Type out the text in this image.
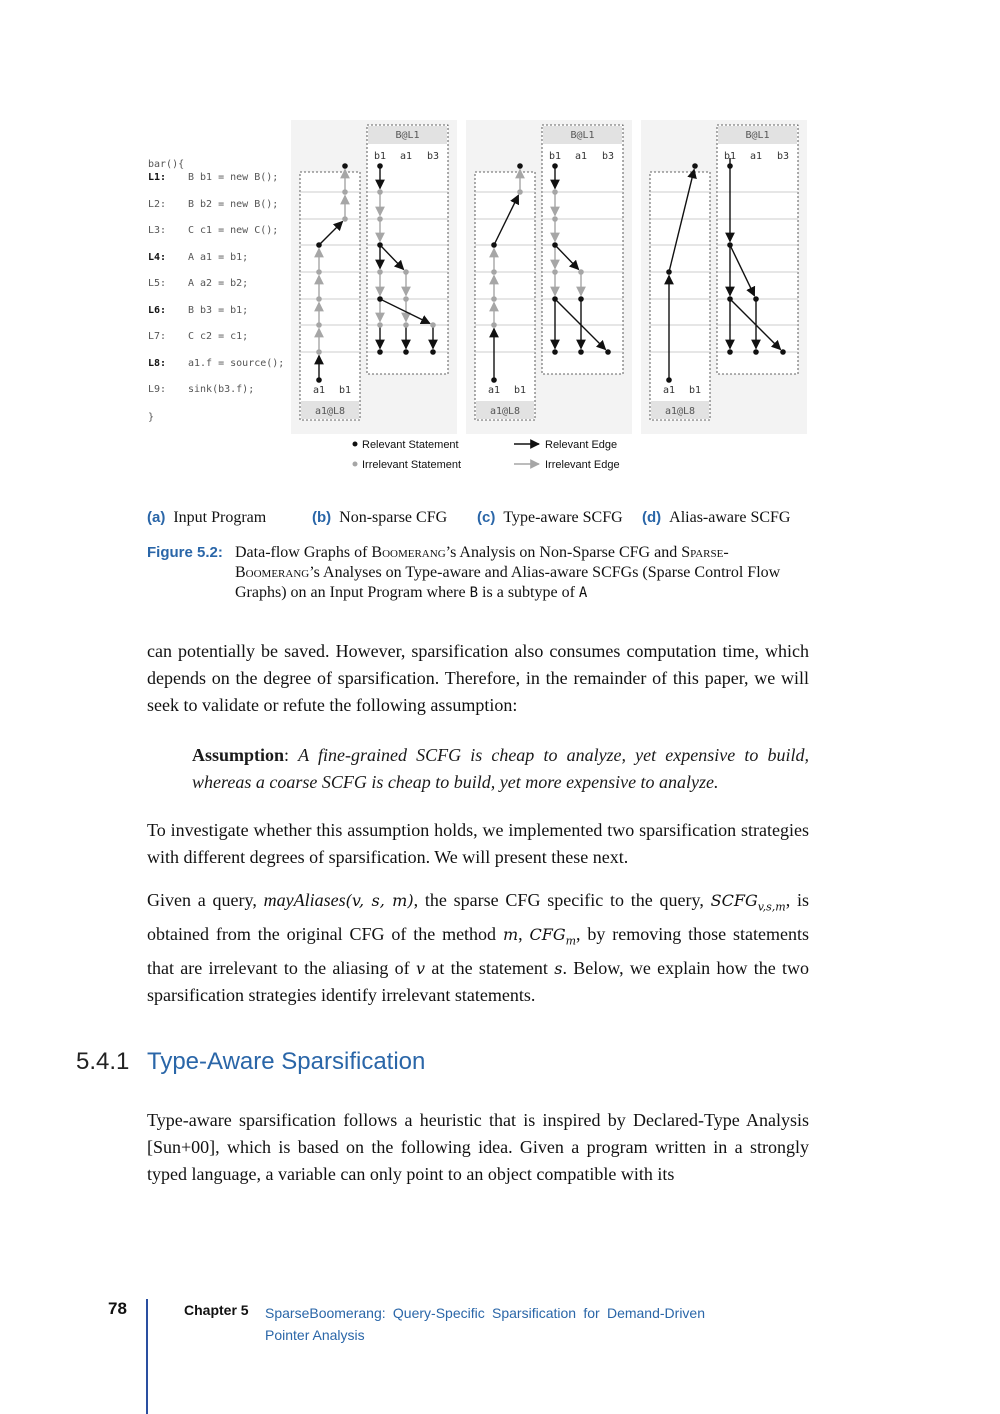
bar(){
L1: B b1 = new B();
L2: B b2 = new B();
L3: C c1 = new C();
L4: A a1 = b1;
L5: A a2 = b2;
L6: B b3 = b1;
L7: C c2 = c1;
L8: a1.f = source();
L9: sink(b3.f);
}
B@L1
b1 a1 b3
a1@L8
a1 b1
B@L1
b1 a1 b3
a1@L8
a1 b1
B@L1
b1 a1 b3
a1@L8
a1 b1
Relevant Statement
Irrelevant Statement
Relevant Edge
Irrelevant Edge
(a) Input Program	(b) Non-sparse CFG (c) Type-aware SCFG (d) Alias-aware SCFG
Figure 5.2: Data-flow Graphs of Boomerang’s Analysis on Non-Sparse CFG and Sparse-Boomerang’s Analyses on Type-aware and Alias-aware SCFGs (Sparse Control Flow Graphs) on an Input Program where B is a subtype of A
can potentially be saved. However, sparsification also consumes computation time, which depends on the degree of sparsification. Therefore, in the remainder of this paper, we will seek to validate or refute the following assumption:
Assumption: A fine-grained SCFG is cheap to analyze, yet expensive to build, whereas a coarse SCFG is cheap to build, yet more expensive to analyze.
To investigate whether this assumption holds, we implemented two sparsification strategies with different degrees of sparsification. We will present these next.
Given a query, mayAliases(v, s, m), the sparse CFG specific to the query, $SCFG_{v,s,m}$, is obtained from the original CFG of the method m, $CFG_m$, by removing those statements that are irrelevant to the aliasing of v at the statement s. Below, we explain how the two sparsification strategies identify irrelevant statements.
5.4.1 Type-Aware Sparsification
Type-aware sparsification follows a heuristic that is inspired by Declared-Type Analysis [Sun+00], which is based on the following idea. Given a program written in a strongly typed language, a variable can only point to an object compatible with its
78	Chapter 5 SparseBoomerang: Query-Specific Sparsification for Demand-Driven Pointer Analysis
